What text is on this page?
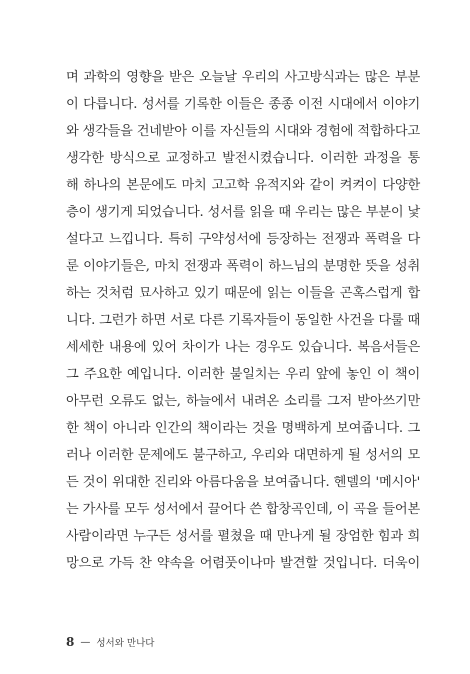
며 과학의 영향을 받은 오늘날 우리의 사고방식과는 많은 부분
이 다릅니다. 성서를 기록한 이들은 종종 이전 시대에서 이야기
와 생각들을 건네받아 이를 자신들의 시대와 경험에 적합하다고
생각한 방식으로 교정하고 발전시켰습니다. 이러한 과정을 통
해 하나의 본문에도 마치 고고학 유적지와 같이 켜켜이 다양한
층이 생기게 되었습니다. 성서를 읽을 때 우리는 많은 부분이 낯
설다고 느낍니다. 특히 구약성서에 등장하는 전쟁과 폭력을 다
룬 이야기들은, 마치 전쟁과 폭력이 하느님의 분명한 뜻을 성취
하는 것처럼 묘사하고 있기 때문에 읽는 이들을 곤혹스럽게 합
니다. 그런가 하면 서로 다른 기록자들이 동일한 사건을 다룰 때
세세한 내용에 있어 차이가 나는 경우도 있습니다. 복음서들은
그 주요한 예입니다. 이러한 불일치는 우리 앞에 놓인 이 책이
아무런 오류도 없는, 하늘에서 내려온 소리를 그저 받아쓰기만
한 책이 아니라 인간의 책이라는 것을 명백하게 보여줍니다. 그
러나 이러한 문제에도 불구하고, 우리와 대면하게 될 성서의 모
든 것이 위대한 진리와 아름다움을 보여줍니다. 헨델의 '메시아'
는 가사를 모두 성서에서 끌어다 쓴 합창곡인데, 이 곡을 들어본
사람이라면 누구든 성서를 펼쳤을 때 만나게 될 장엄한 힘과 희
망으로 가득 찬 약속을 어렴풋이나마 발견할 것입니다. 더욱이
8 — 성서와 만나다
